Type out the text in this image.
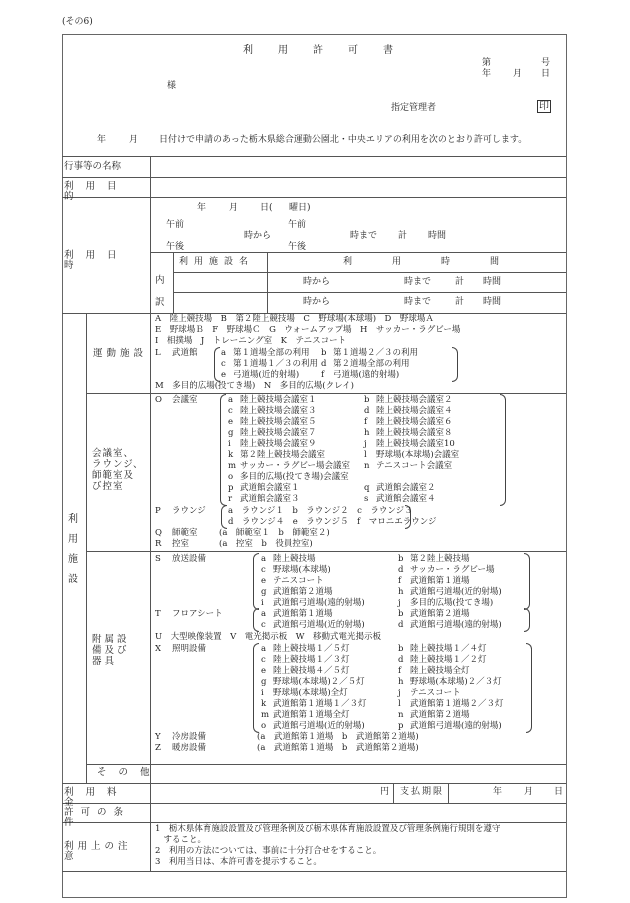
(その6)
利	用	許	可	書
第	号
年 月 日
様
指定管理者	印
年	月 日付けで申請のあった栃木県総合運動公園北・中央エリアの利用を次のとおり許可します。
行事等の名称
利用目的
利用日時
年	月 日( 曜日)
午前
午後
時から
午前
午後
時まで 計 時間
内訳
利用施設名	利用時間
時から	時まで	計 時間
時から	時まで	計 時間
利用施設
運動施設
A　陸上競技場　B　第２陸上競技場　C　野球場(本球場)　D　野球場Ａ
E　野球場Ｂ　F　野球場Ｃ　G　ウォームアップ場　H　サッカー・ラグビー場
I　相撲場　J　トレーニング室　K　テニスコート
L 武道館	a 第１道場全部の利用 b 第１道場２／３の利用
c 第１道場１／３の利用 d 第２道場全部の利用
e 弓道場(近的射場)	f 弓道場(遠的射場)
M　多目的広場(投てき場)　N　多目的広場(クレイ)
会議室、ラウンジ、師範室及び控室
O 会議室	a 陸上競技場会議室１	b 陸上競技場会議室２
c 陸上競技場会議室３	d 陸上競技場会議室４
e 陸上競技場会議室５	f 陸上競技場会議室６
g 陸上競技場会議室７	h 陸上競技場会議室８
i 陸上競技場会議室９	j 陸上競技場会議室10
k 第２陸上競技場会議室	l 野球場(本球場)会議室
m サッカー・ラグビー場会議室 n テニスコート会議室
o 多目的広場(投てき場)会議室
p 武道館会議室１	q 武道館会議室２
r 武道館会議室３	s 武道館会議室４
P ラウンジ	a　ラウンジ１　b　ラウンジ２　c　ラウンジ３
d　ラウンジ４　e　ラウンジ５　f　マロニエラウンジ
Q 師範室	(a　師範室１　b　師範室２)
R 控室	(a　控室　b　役員控室)
附属設備及び器具
S 放送設備	a 陸上競技場	b 第２陸上競技場
c 野球場(本球場)	d サッカー・ラグビー場
e テニスコート	f 武道館第１道場
g 武道館第２道場	h 武道館弓道場(近的射場)
i 武道館弓道場(遠的射場)	j 多目的広場(投てき場)
T フロアシート	a 武道館第１道場	b 武道館第２道場
c 武道館弓道場(近的射場)	d 武道館弓道場(遠的射場)
U　大型映像装置　V　電光掲示板　W　移動式電光掲示板
X 照明設備	a 陸上競技場１／５灯	b 陸上競技場１／４灯
c 陸上競技場１／３灯	d 陸上競技場１／２灯
e 陸上競技場４／５灯	f 陸上競技場全灯
g 野球場(本球場)２／５灯	h 野球場(本球場)２／３灯
i 野球場(本球場)全灯	j テニスコート
k 武道館第１道場１／３灯	l 武道館第１道場２／３灯
m 武道館第１道場全灯	n 武道館第２道場
o 武道館弓道場(近的射場)	p 武道館弓道場(遠的射場)
Y 冷房設備	(a　武道館第１道場　b　武道館第２道場)
Z 暖房設備	(a　武道館第１道場　b　武道館第２道場)
その他
利用料金
円 支払期限	年 月 日
許可の条件
利用上の注意
1　栃木県体育施設設置及び管理条例及び栃木県体育施設設置及び管理条例施行規則を遵守
　すること。
2　利用の方法については、事前に十分打合せをすること。
3　利用当日は、本許可書を提示すること。
